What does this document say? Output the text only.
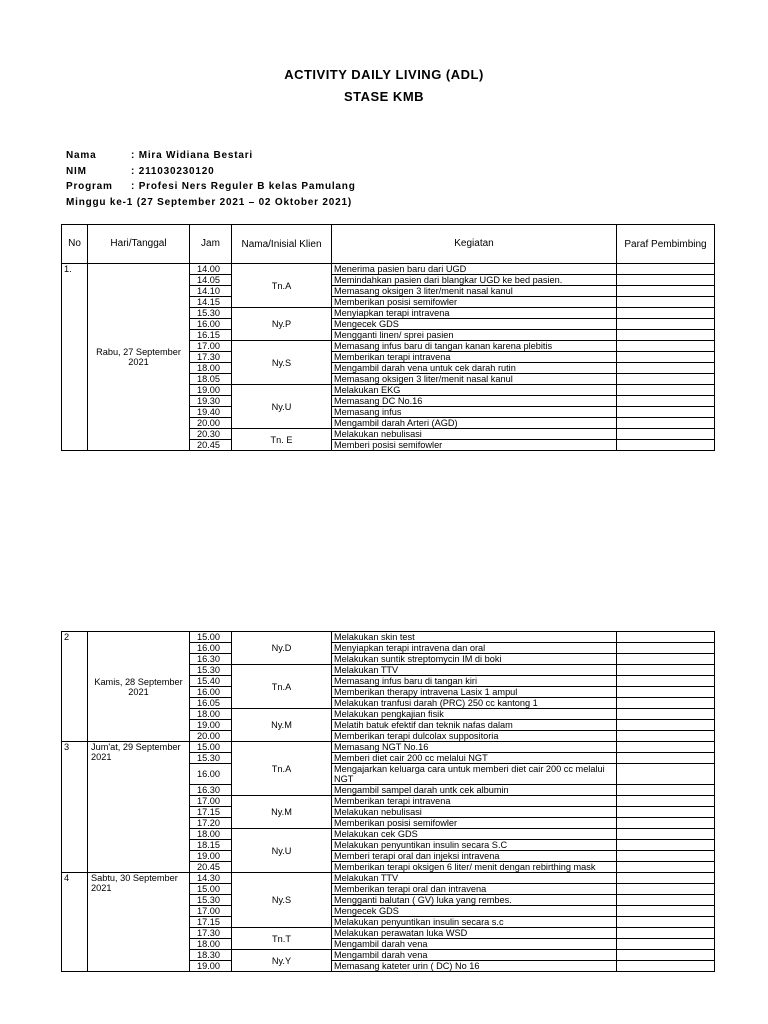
ACTIVITY DAILY LIVING (ADL)
STASE KMB
Nama	: Mira Widiana Bestari
NIM	: 211030230120
Program : Profesi Ners Reguler B kelas Pamulang
Minggu ke-1 (27 September 2021 – 02 Oktober 2021)
No	Hari/Tanggal	Jam	Nama/Inisial Klien	Kegiatan	Paraf Pembimbing
1.	Rabu, 27 September 2021	14.00	Tn.A	Menerima pasien baru dari UGD	
		14.05		Memindahkan pasien dari blangkar UGD ke bed pasien.	
		14.10		Memasang oksigen 3 liter/menit nasal kanul	
		14.15		Memberikan posisi semifowler	
		15.30	Ny.P	Menyiapkan terapi intravena	
		16.00		Mengecek GDS	
		16.15		Mengganti linen/ sprei pasien	
		17.00	Ny.S	Memasang infus baru di tangan kanan karena plebitis	
		17.30		Memberikan terapi intravena	
		18.00		Mengambil darah vena untuk cek darah rutin	
		18.05		Memasang oksigen 3 liter/menit nasal kanul	
		19.00	Ny.U	Melakukan EKG	
		19.30		Memasang DC No.16	
		19.40		Memasang infus	
		20.00		Mengambil darah Arteri (AGD)	
		20.30	Tn. E	Melakukan nebulisasi	
		20.45		Memberi posisi semifowler	
2	Kamis, 28 September 2021	15.00	Ny.D	Melakukan skin test	
		16.00		Menyiapkan terapi intravena dan oral	
		16.30		Melakukan suntik streptomycin IM di boki	
		15.30	Tn.A	Melakukan TTV	
		15.40		Memasang infus baru di tangan kiri	
		16.00		Memberikan therapy intravena Lasix 1 ampul	
		16.05		Melakukan tranfusi darah (PRC) 250 cc kantong 1	
		18.00	Ny.M	Melakukan pengkajian fisik	
		19.00		Melatih batuk efektif dan teknik nafas dalam	
		20.00		Memberikan terapi dulcolax suppositoria	
3	Jum'at, 29 September 2021	15.00	Tn.A	Memasang NGT No.16	
		15.30		Memberi diet cair 200 cc melalui NGT	
		16.00		Mengajarkan keluarga cara untuk memberi diet cair 200 cc melalui NGT	
		16.30		Mengambil sampel darah untk cek albumin	
		17.00	Ny.M	Memberikan terapi intravena	
		17.15		Melakukan nebulisasi	
		17.20		Memberikan posisi semifowler	
		18.00	Ny.U	Melakukan cek GDS	
		18.15		Melakukan penyuntikan insulin secara S.C	
		19.00		Memberi terapi oral dan injeksi intravena	
		20.45		Memberikan terapi oksigen 6 liter/ menit dengan rebirthing mask	
4	Sabtu, 30 September 2021	14.30	Ny.S	Melakukan TTV	
		15.00		Memberikan terapi oral dan intravena	
		15.30		Mengganti balutan ( GV) luka yang rembes.	
		17.00		Mengecek GDS	
		17.15		Melakukan penyuntikan insulin secara s.c	
		17.30	Tn.T	Melakukan perawatan luka WSD	
		18.00		Mengambil darah vena	
		18.30	Ny.Y	Mengambil darah vena	
		19.00		Memasang kateter urin ( DC) No 16	
